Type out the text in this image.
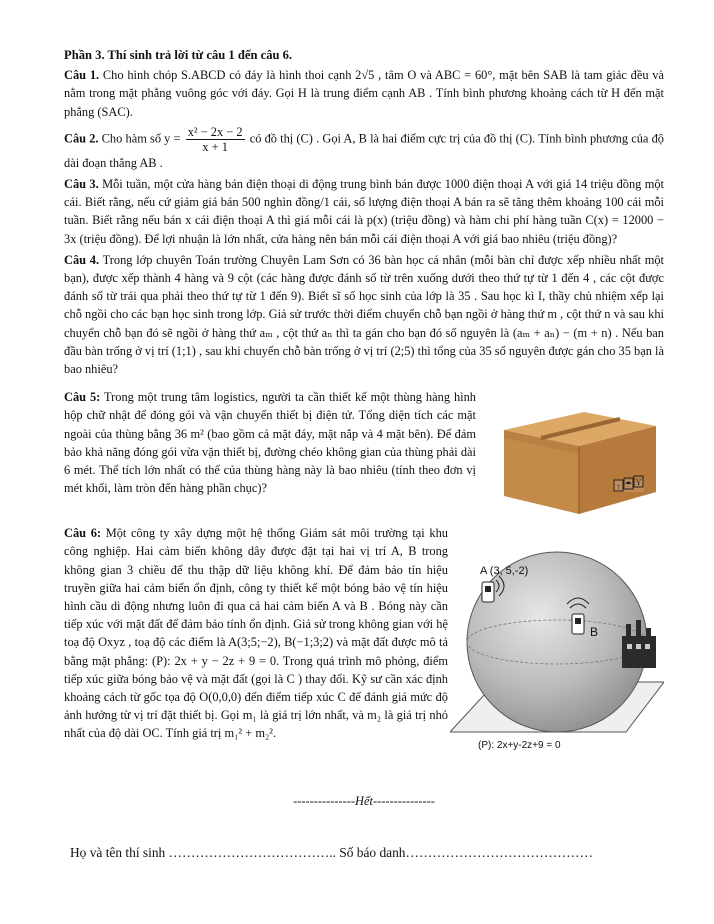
Phần 3. Thí sinh trả lời từ câu 1 đến câu 6.
Câu 1. Cho hình chóp S.ABCD có đáy là hình thoi cạnh 2√5 , tâm O và ABC = 60°, mặt bên SAB là tam giác đều và nằm trong mặt phẳng vuông góc với đáy. Gọi H là trung điểm cạnh AB . Tính bình phương khoảng cách từ H đến mặt phẳng (SAC).
Câu 2. Cho hàm số $y = \frac{\text{x² − 2x − 2}}{x + 1}$ có đồ thị (C) . Gọi A, B là hai điểm cực trị của đồ thị (C). Tính bình phương của độ dài đoạn thẳng AB .
Câu 3. Mỗi tuần, một cửa hàng bán điện thoại di động trung bình bán được 1000 điện thoại A với giá 14 triệu đồng một cái. Biết rằng, nếu cứ giảm giá bán 500 nghìn đồng/1 cái, số lượng điện thoại A bán ra sẽ tăng thêm khoảng 100 cái mỗi tuần. Biết rằng nếu bán x cái điện thoại A thì giá mỗi cái là p(x) (triệu đồng) và hàm chi phí hàng tuần C(x) = 12000 − 3x (triệu đồng). Để lợi nhuận là lớn nhất, cửa hàng nên bán mỗi cái điện thoại A với giá bao nhiêu (triệu đồng)?
Câu 4. Trong lớp chuyên Toán trường Chuyên Lam Sơn có 36 bàn học cá nhân (mỗi bàn chỉ được xếp nhiều nhất một bạn), được xếp thành 4 hàng và 9 cột (các hàng được đánh số từ trên xuống dưới theo thứ tự từ 1 đến 4 , các cột được đánh số từ trái qua phải theo thứ tự từ 1 đến 9). Biết sĩ số học sinh của lớp là 35 . Sau học kì I, thầy chủ nhiệm xếp lại chỗ ngồi cho các bạn học sinh trong lớp. Giả sử trước thời điểm chuyển chỗ bạn ngồi ở hàng thứ m , cột thứ n và sau khi chuyển chỗ bạn đó sẽ ngồi ở hàng thứ aₘ , cột thứ aₙ thì ta gán cho bạn đó số nguyên là (aₘ + aₙ) − (m + n) . Nếu ban đầu bàn trống ở vị trí (1;1) , sau khi chuyển chỗ bàn trống ở vị trí (2;5) thì tổng của 35 số nguyên được gán cho 35 bạn là bao nhiêu?
Câu 5: Trong một trung tâm logistics, người ta cần thiết kế một thùng hàng hình hộp chữ nhật để đóng gói và vận chuyển thiết bị điện tử. Tổng diện tích các mặt ngoài của thùng bằng 36 m² (bao gồm cả mặt đáy, mặt nắp và 4 mặt bên). Để đảm bảo khả năng đóng gói vừa vặn thiết bị, đường chéo không gian của thùng phải dài 6 mét. Thể tích lớn nhất có thể của thùng hàng này là bao nhiêu (tính theo đơn vị mét khối, làm tròn đến hàng phần chục)?	↑ ☂ Y
Câu 6: Một công ty xây dựng một hệ thống Giám sát môi trường tại khu công nghiệp. Hai cảm biến không dây được đặt tại hai vị trí A, B trong không gian 3 chiều để thu thập dữ liệu không khí. Để đảm bảo tín hiệu truyền giữa hai cảm biến ổn định, công ty thiết kế một bóng bảo vệ tín hiệu hình cầu di động nhưng luôn đi qua cả hai cảm biến A và B . Bóng này cần tiếp xúc với mặt đất để đảm bảo tính ổn định. Giả sử trong không gian với hệ toạ độ Oxyz , toạ độ các điểm là A(3;5;−2), B(−1;3;2) và mặt đất được mô tả bằng mặt phẳng: (P): 2x + y − 2z + 9 = 0. Trong quá trình mô phỏng, điểm tiếp xúc giữa bóng bảo vệ và mặt đất (gọi là C ) thay đổi. Kỹ sư cần xác định khoảng cách từ gốc tọa độ O(0,0,0) đến điểm tiếp xúc C để đánh giá mức độ ảnh hưởng từ vị trí đặt thiết bị. Gọi m₁ là giá trị lớn nhất, và m₂ là giá trị nhỏ nhất của độ dài OC. Tính giá trị m₁² + m₂².
A (3, 5,-2)
B
(P): 2x+y-2z+9 = 0
---------------Hết---------------
Họ và tên thí sinh ……………………………….. Số báo danh……………………………………
